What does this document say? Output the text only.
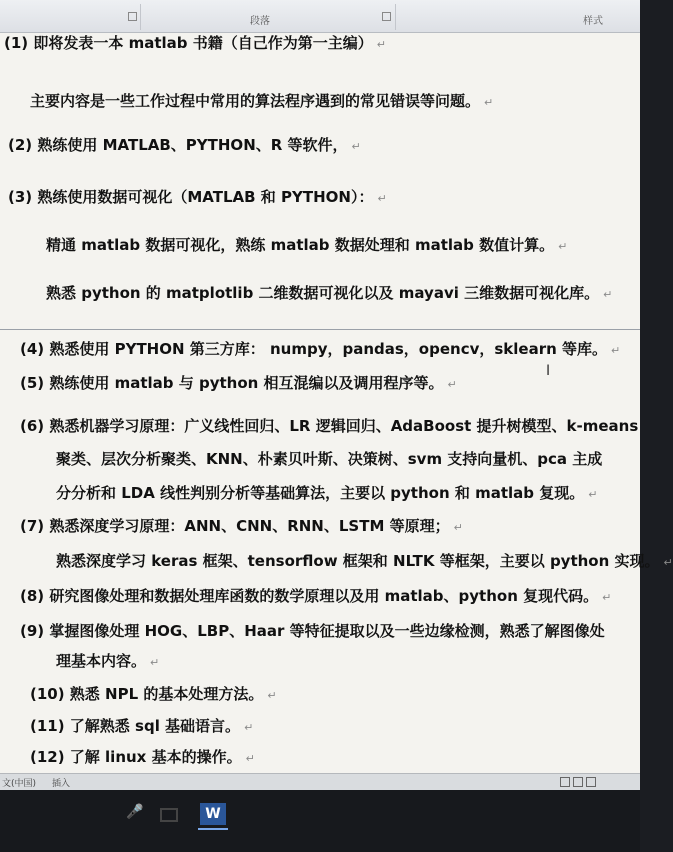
段落	样式
(1) 即将发表一本 matlab 书籍（自己作为第一主编） ↵
主要内容是一些工作过程中常用的算法程序遇到的常见错误等问题。 ↵
(2) 熟练使用 MATLAB、PYTHON、R 等软件， ↵
(3) 熟练使用数据可视化（MATLAB 和 PYTHON）： ↵
精通 matlab 数据可视化，熟练 matlab 数据处理和 matlab 数值计算。 ↵
熟悉 python 的 matplotlib 二维数据可视化以及 mayavi 三维数据可视化库。 ↵
(4) 熟悉使用 PYTHON 第三方库： numpy，pandas，opencv，sklearn 等库。 ↵
(5) 熟练使用 matlab 与 python 相互混编以及调用程序等。 ↵
(6) 熟悉机器学习原理：广义线性回归、LR 逻辑回归、AdaBoost 提升树模型、k-means
聚类、层次分析聚类、KNN、朴素贝叶斯、决策树、svm 支持向量机、pca 主成
分分析和 LDA 线性判别分析等基础算法，主要以 python 和 matlab 复现。 ↵
(7) 熟悉深度学习原理：ANN、CNN、RNN、LSTM 等原理； ↵
熟悉深度学习 keras 框架、tensorflow 框架和 NLTK 等框架，主要以 python 实现。 ↵
(8) 研究图像处理和数据处理库函数的数学原理以及用 matlab、python 复现代码。 ↵
(9) 掌握图像处理 HOG、LBP、Haar 等特征提取以及一些边缘检测，熟悉了解图像处
理基本内容。 ↵
(10) 熟悉 NPL 的基本处理方法。 ↵
(11) 了解熟悉 sql 基础语言。 ↵
(12) 了解 linux 基本的操作。 ↵
I
文(中国) 插入
🎤	W
